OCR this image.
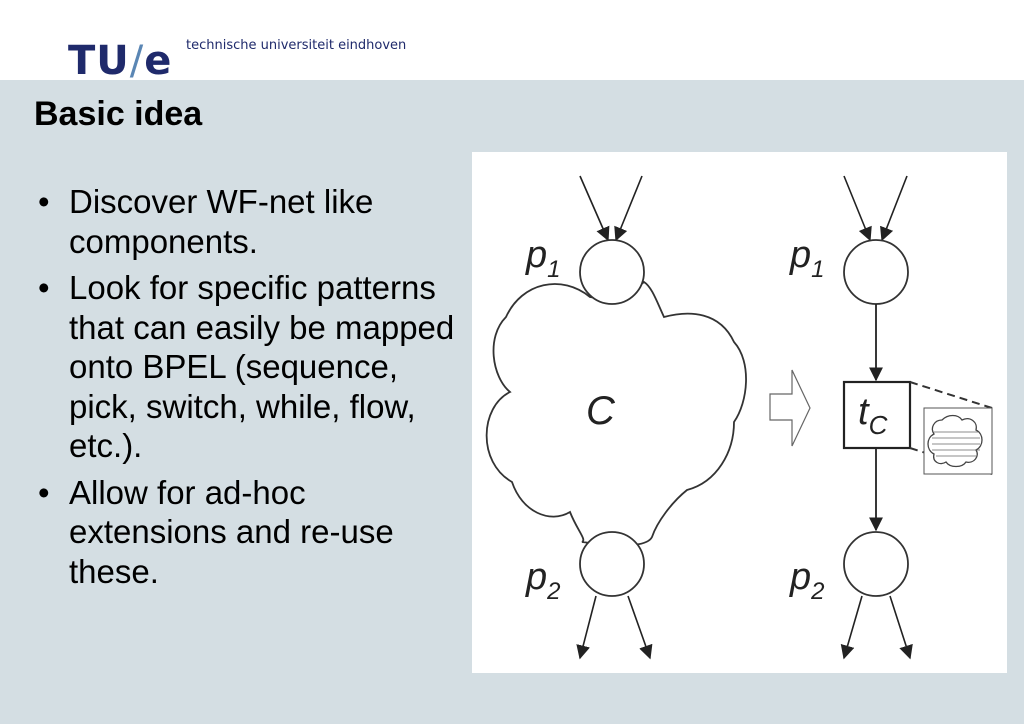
TU/e technische universiteit eindhoven
Basic idea
• Discover WF-net like components.
• Look for specific patterns that can easily be mapped onto BPEL (sequence, pick, switch, while, flow, etc.).
• Allow for ad-hoc extensions and re-use these.
$p_1$
C
$p_2$
$p_1$
$t_C$
$p_2$
